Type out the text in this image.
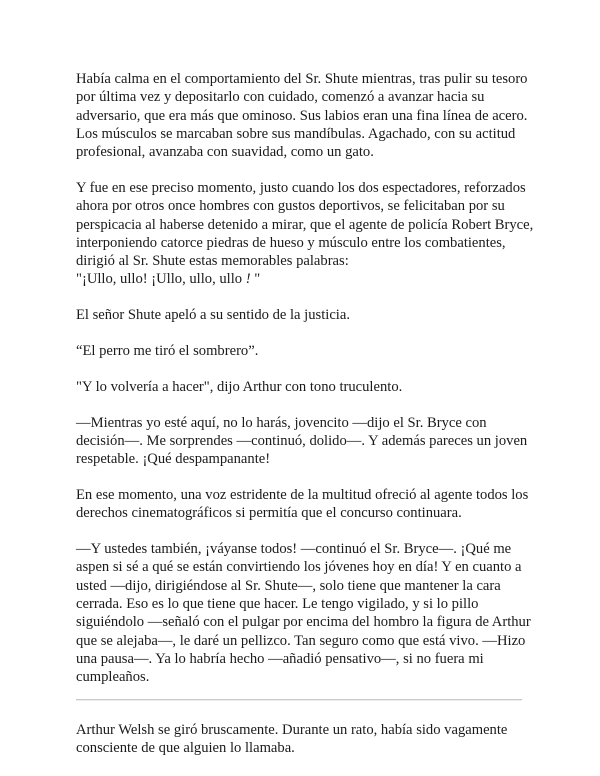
Había calma en el comportamiento del Sr. Shute mientras, tras pulir su tesoro por última vez y depositarlo con cuidado, comenzó a avanzar hacia su adversario, que era más que ominoso. Sus labios eran una fina línea de acero. Los músculos se marcaban sobre sus mandíbulas. Agachado, con su actitud profesional, avanzaba con suavidad, como un gato.

Y fue en ese preciso momento, justo cuando los dos espectadores, reforzados ahora por otros once hombres con gustos deportivos, se felicitaban por su perspicacia al haberse detenido a mirar, que el agente de policía Robert Bryce, interponiendo catorce piedras de hueso y músculo entre los combatientes, dirigió al Sr. Shute estas memorables palabras:
"¡Ullo, ullo! ¡Ullo, ullo, ullo ! "

El señor Shute apeló a su sentido de la justicia.

“El perro me tiró el sombrero”.

"Y lo volvería a hacer", dijo Arthur con tono truculento.

—Mientras yo esté aquí, no lo harás, jovencito —dijo el Sr. Bryce con decisión—. Me sorprendes —continuó, dolido—. Y además pareces un joven respetable. ¡Qué despampanante!

En ese momento, una voz estridente de la multitud ofreció al agente todos los derechos cinematográficos si permitía que el concurso continuara.

—Y ustedes también, ¡váyanse todos! —continuó el Sr. Bryce—. ¡Qué me aspen si sé a qué se están convirtiendo los jóvenes hoy en día! Y en cuanto a usted —dijo, dirigiéndose al Sr. Shute—, solo tiene que mantener la cara cerrada. Eso es lo que tiene que hacer. Le tengo vigilado, y si lo pillo siguiéndolo —señaló con el pulgar por encima del hombro la figura de Arthur que se alejaba—, le daré un pellizco. Tan seguro como que está vivo. —Hizo una pausa—. Ya lo habría hecho —añadió pensativo—, si no fuera mi cumpleaños.

Arthur Welsh se giró bruscamente. Durante un rato, había sido vagamente consciente de que alguien lo llamaba.
